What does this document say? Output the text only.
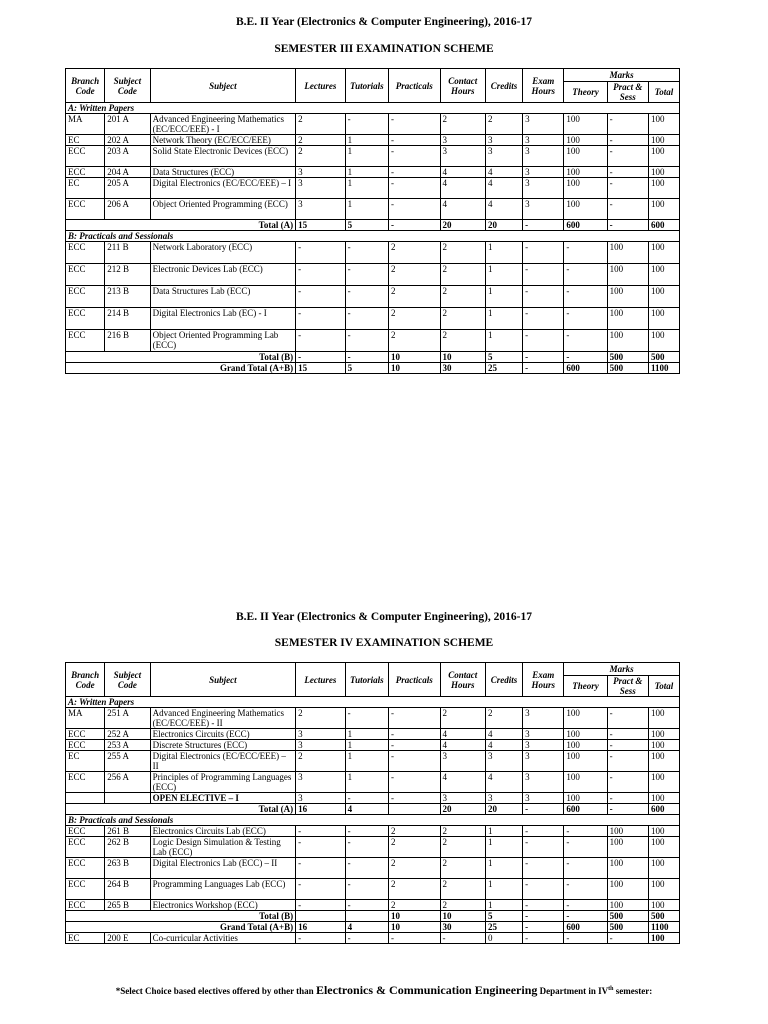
B.E. II Year (Electronics & Computer Engineering), 2016-17
SEMESTER III EXAMINATION SCHEME
Branch Code	Subject Code	Subject	Lectures	Tutorials	Practicals	Contact Hours	Credits	Exam Hours	Marks		
									Theory	Pract & Sess	Total
A: Written Papers											
MA	201 A	Advanced Engineering Mathematics (EC/ECC/EEE) - I	2	-	-	2	2	3	100	-	100
EC	202 A	Network Theory (EC/ECC/EEE)	2	1	-	3	3	3	100	-	100
ECC	203 A	Solid State Electronic Devices (ECC)	2	1	-	3	3	3	100	-	100
ECC	204 A	Data Structures (ECC)	3	1	-	4	4	3	100	-	100
EC	205 A	Digital Electronics (EC/ECC/EEE) – I	3	1	-	4	4	3	100	-	100
ECC	206 A	Object Oriented Programming (ECC)	3	1	-	4	4	3	100	-	100
Total (A)			15	5	-	20	20	-	600	-	600
B: Practicals and Sessionals											
ECC	211 B	Network Laboratory (ECC)	-	-	2	2	1	-	-	100	100
ECC	212 B	Electronic Devices Lab (ECC)	-	-	2	2	1	-	-	100	100
ECC	213 B	Data Structures Lab (ECC)	-	-	2	2	1	-	-	100	100
ECC	214 B	Digital Electronics Lab (EC) - I	-	-	2	2	1	-	-	100	100
ECC	216 B	Object Oriented Programming Lab (ECC)	-	-	2	2	1	-	-	100	100
Total (B)			-	-	10	10	5	-	-	500	500
Grand Total (A+B)			15	5	10	30	25	-	600	500	1100
B.E. II Year (Electronics & Computer Engineering), 2016-17
SEMESTER IV EXAMINATION SCHEME
Branch Code	Subject Code	Subject	Lectures	Tutorials	Practicals	Contact Hours	Credits	Exam Hours	Marks		
									Theory	Pract & Sess	Total
A: Written Papers											
MA	251 A	Advanced Engineering Mathematics (EC/ECC/EEE) - II	2	-	-	2	2	3	100	-	100
ECC	252 A	Electronics Circuits (ECC)	3	1	-	4	4	3	100	-	100
ECC	253 A	Discrete Structures (ECC)	3	1	-	4	4	3	100	-	100
EC	255 A	Digital Electronics (EC/ECC/EEE) – II	2	1	-	3	3	3	100	-	100
ECC	256 A	Principles of Programming Languages (ECC)	3	1	-	4	4	3	100	-	100
		OPEN ELECTIVE – I	3	-	-	3	3	3	100	-	100
Total (A)			16	4		20	20	-	600	-	600
B: Practicals and Sessionals											
ECC	261 B	Electronics Circuits Lab (ECC)	-	-	2	2	1	-	-	100	100
ECC	262 B	Logic Design Simulation & Testing Lab (ECC)	-	-	2	2	1	-	-	100	100
ECC	263 B	Digital Electronics Lab (ECC) – II	-	-	2	2	1	-	-	100	100
ECC	264 B	Programming Languages Lab (ECC)	-	-	2	2	1	-	-	100	100
ECC	265 B	Electronics Workshop (ECC)	-	-	2	2	1	-	-	100	100
Total (B)					10	10	5	-	-	500	500
Grand Total (A+B)			16	4	10	30	25	-	600	500	1100
EC	200 E	Co-curricular Activities	-	-	-	-	0	-	-	-	100
*Select Choice based electives offered by other than Electronics & Communication Engineering Department in IVth semester:
